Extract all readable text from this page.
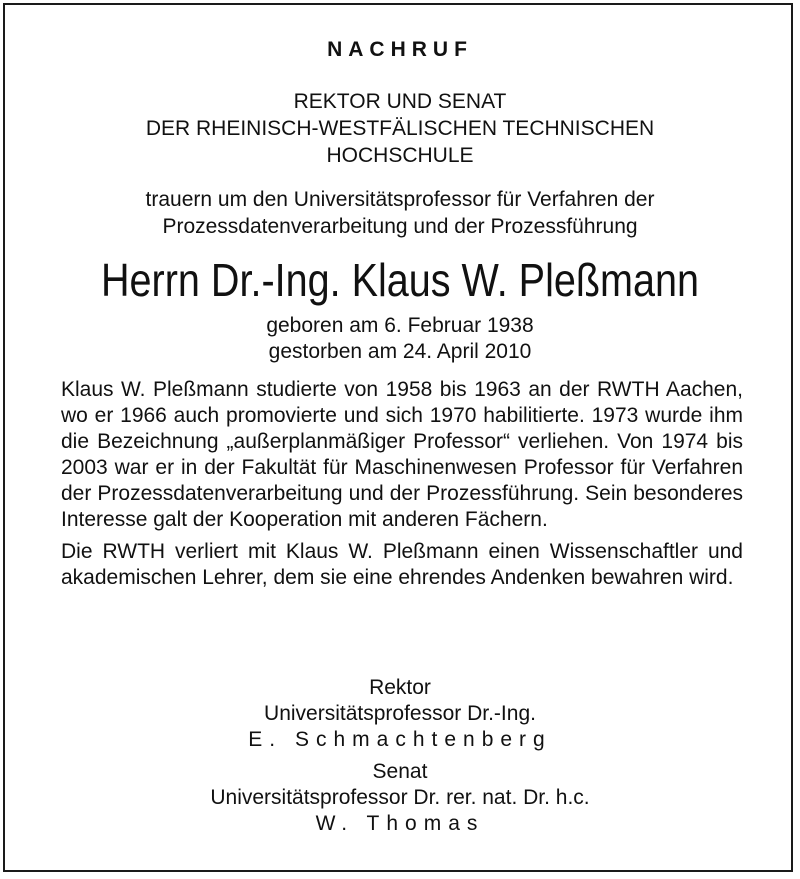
NACHRUF
REKTOR UND SENAT
DER RHEINISCH-WESTFÄLISCHEN TECHNISCHEN
HOCHSCHULE
trauern um den Universitätsprofessor für Verfahren der
Prozessdatenverarbeitung und der Prozessführung
Herrn Dr.-Ing. Klaus W. Pleßmann
geboren am 6. Februar 1938
gestorben am 24. April 2010

Klaus W. Pleßmann studierte von 1958 bis 1963 an der RWTH Aachen, wo er 1966 auch promovierte und sich 1970 habilitierte. 1973 wurde ihm die Bezeichnung „außerplanmäßiger Professor“ verliehen. Von 1974 bis 2003 war er in der Fakultät für Maschinenwesen Professor für Verfahren der Prozessdatenverarbeitung und der Prozessführung. Sein besonderes Interesse galt der Kooperation mit anderen Fächern.

Die RWTH verliert mit Klaus W. Pleßmann einen Wissenschaftler und akademischen Lehrer, dem sie eine ehrendes Andenken bewahren wird.

Rektor
Universitätsprofessor Dr.-Ing.
E. Schmachtenberg
Senat
Universitätsprofessor Dr. rer. nat. Dr. h.c.
W. Thomas
